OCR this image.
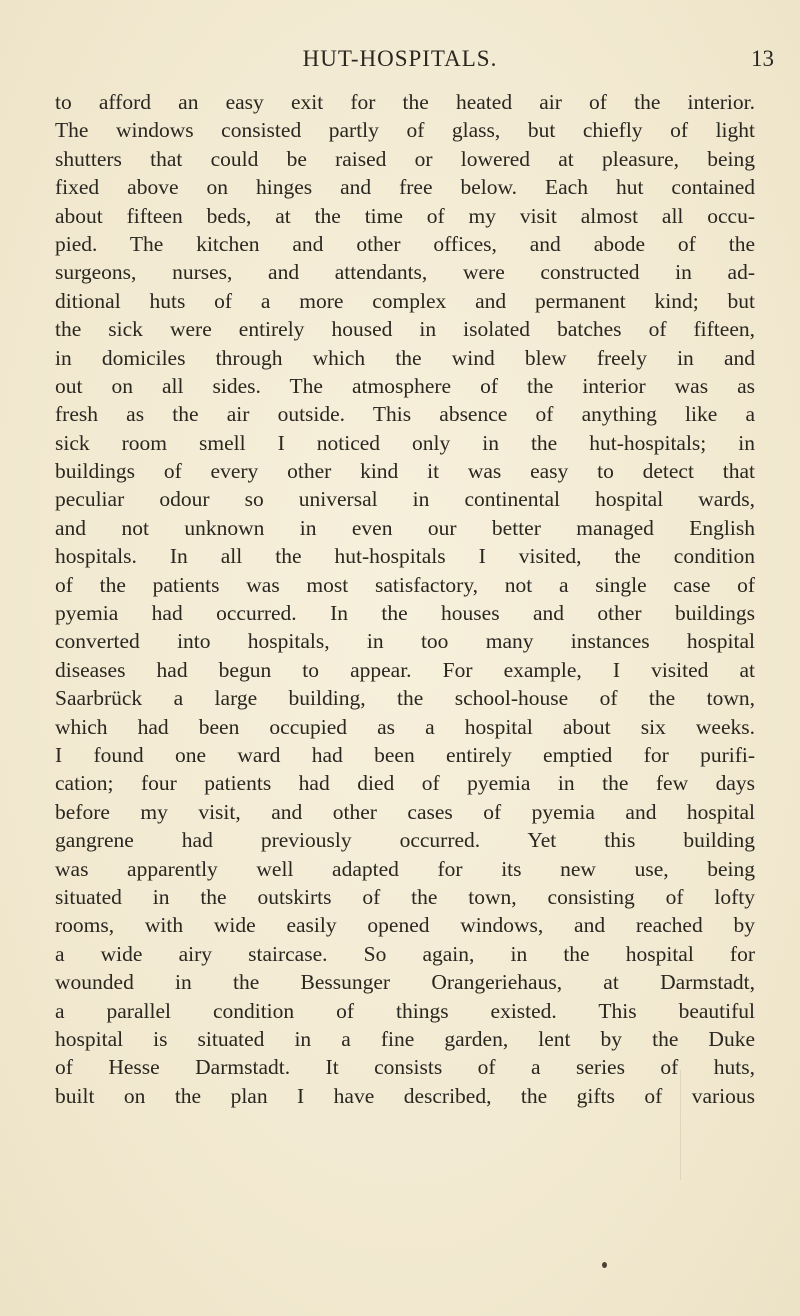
HUT-HOSPITALS.	13
to afford an easy exit for the heated air of the interior.
The windows consisted partly of glass, but chiefly of light
shutters that could be raised or lowered at pleasure, being
fixed above on hinges and free below. Each hut contained
about fifteen beds, at the time of my visit almost all occu-
pied. The kitchen and other offices, and abode of the
surgeons, nurses, and attendants, were constructed in ad-
ditional huts of a more complex and permanent kind; but
the sick were entirely housed in isolated batches of fifteen,
in domiciles through which the wind blew freely in and
out on all sides. The atmosphere of the interior was as
fresh as the air outside. This absence of anything like a
sick room smell I noticed only in the hut-hospitals; in
buildings of every other kind it was easy to detect that
peculiar odour so universal in continental hospital wards,
and not unknown in even our better managed English
hospitals. In all the hut-hospitals I visited, the condition
of the patients was most satisfactory, not a single case of
pyemia had occurred. In the houses and other buildings
converted into hospitals, in too many instances hospital
diseases had begun to appear. For example, I visited at
Saarbrück a large building, the school-house of the town,
which had been occupied as a hospital about six weeks.
I found one ward had been entirely emptied for purifi-
cation; four patients had died of pyemia in the few days
before my visit, and other cases of pyemia and hospital
gangrene had previously occurred. Yet this building
was apparently well adapted for its new use, being
situated in the outskirts of the town, consisting of lofty
rooms, with wide easily opened windows, and reached by
a wide airy staircase. So again, in the hospital for
wounded in the Bessunger Orangeriehaus, at Darmstadt,
a parallel condition of things existed. This beautiful
hospital is situated in a fine garden, lent by the Duke
of Hesse Darmstadt. It consists of a series of huts,
built on the plan I have described, the gifts of various
